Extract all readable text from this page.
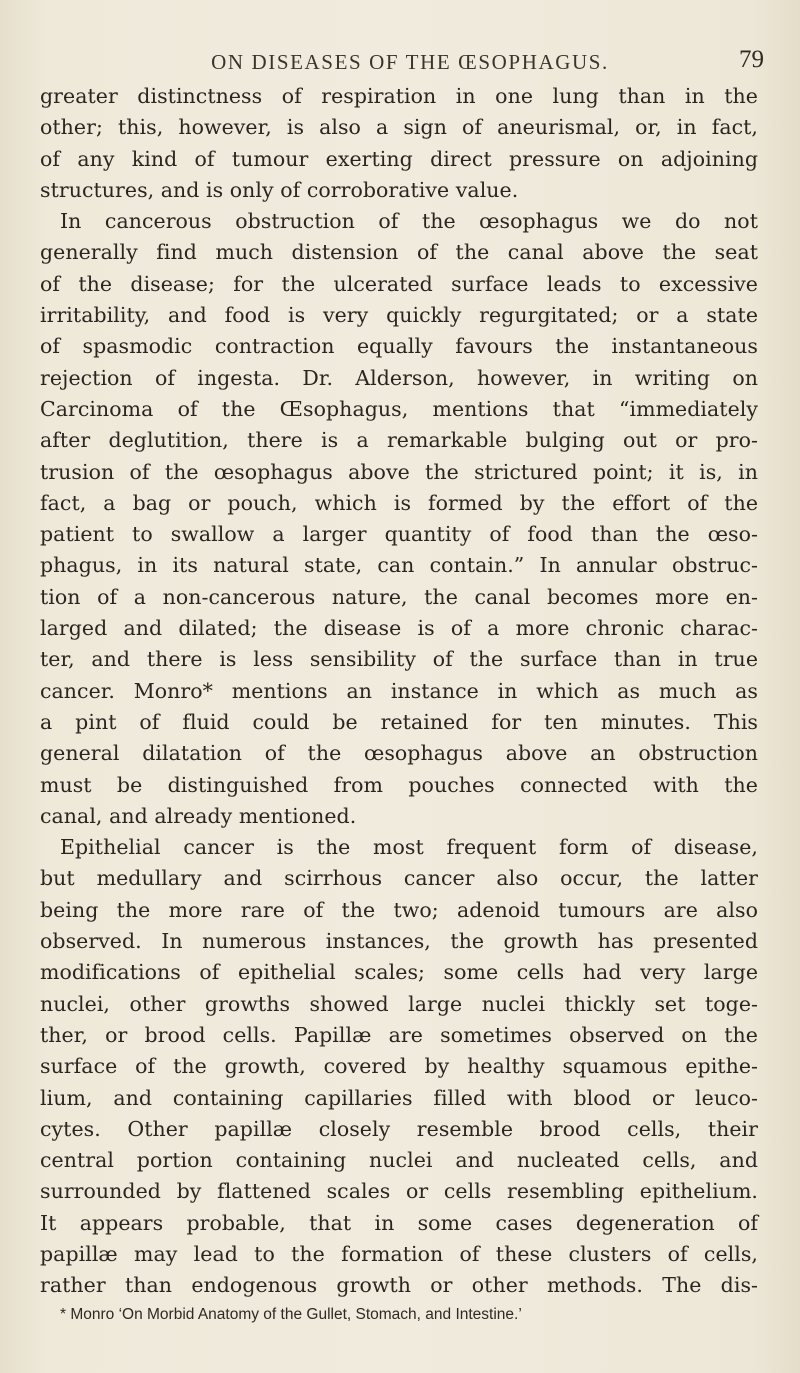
ON DISEASES OF THE ŒSOPHAGUS.	79
greater distinctness of respiration in one lung than in the
other; this, however, is also a sign of aneurismal, or, in fact,
of any kind of tumour exerting direct pressure on adjoining
structures, and is only of corroborative value.
In cancerous obstruction of the œsophagus we do not
generally find much distension of the canal above the seat
of the disease; for the ulcerated surface leads to excessive
irritability, and food is very quickly regurgitated; or a state
of spasmodic contraction equally favours the instantaneous
rejection of ingesta. Dr. Alderson, however, in writing on
Carcinoma of the Œsophagus, mentions that “immediately
after deglutition, there is a remarkable bulging out or pro-
trusion of the œsophagus above the strictured point; it is, in
fact, a bag or pouch, which is formed by the effort of the
patient to swallow a larger quantity of food than the œso-
phagus, in its natural state, can contain.” In annular obstruc-
tion of a non-cancerous nature, the canal becomes more en-
larged and dilated; the disease is of a more chronic charac-
ter, and there is less sensibility of the surface than in true
cancer. Monro* mentions an instance in which as much as
a pint of fluid could be retained for ten minutes. This
general dilatation of the œsophagus above an obstruction
must be distinguished from pouches connected with the
canal, and already mentioned.
Epithelial cancer is the most frequent form of disease,
but medullary and scirrhous cancer also occur, the latter
being the more rare of the two; adenoid tumours are also
observed. In numerous instances, the growth has presented
modifications of epithelial scales; some cells had very large
nuclei, other growths showed large nuclei thickly set toge-
ther, or brood cells. Papillæ are sometimes observed on the
surface of the growth, covered by healthy squamous epithe-
lium, and containing capillaries filled with blood or leuco-
cytes. Other papillæ closely resemble brood cells, their
central portion containing nuclei and nucleated cells, and
surrounded by flattened scales or cells resembling epithelium.
It appears probable, that in some cases degeneration of
papillæ may lead to the formation of these clusters of cells,
rather than endogenous growth or other methods. The dis-
* Monro ‘On Morbid Anatomy of the Gullet, Stomach, and Intestine.’
